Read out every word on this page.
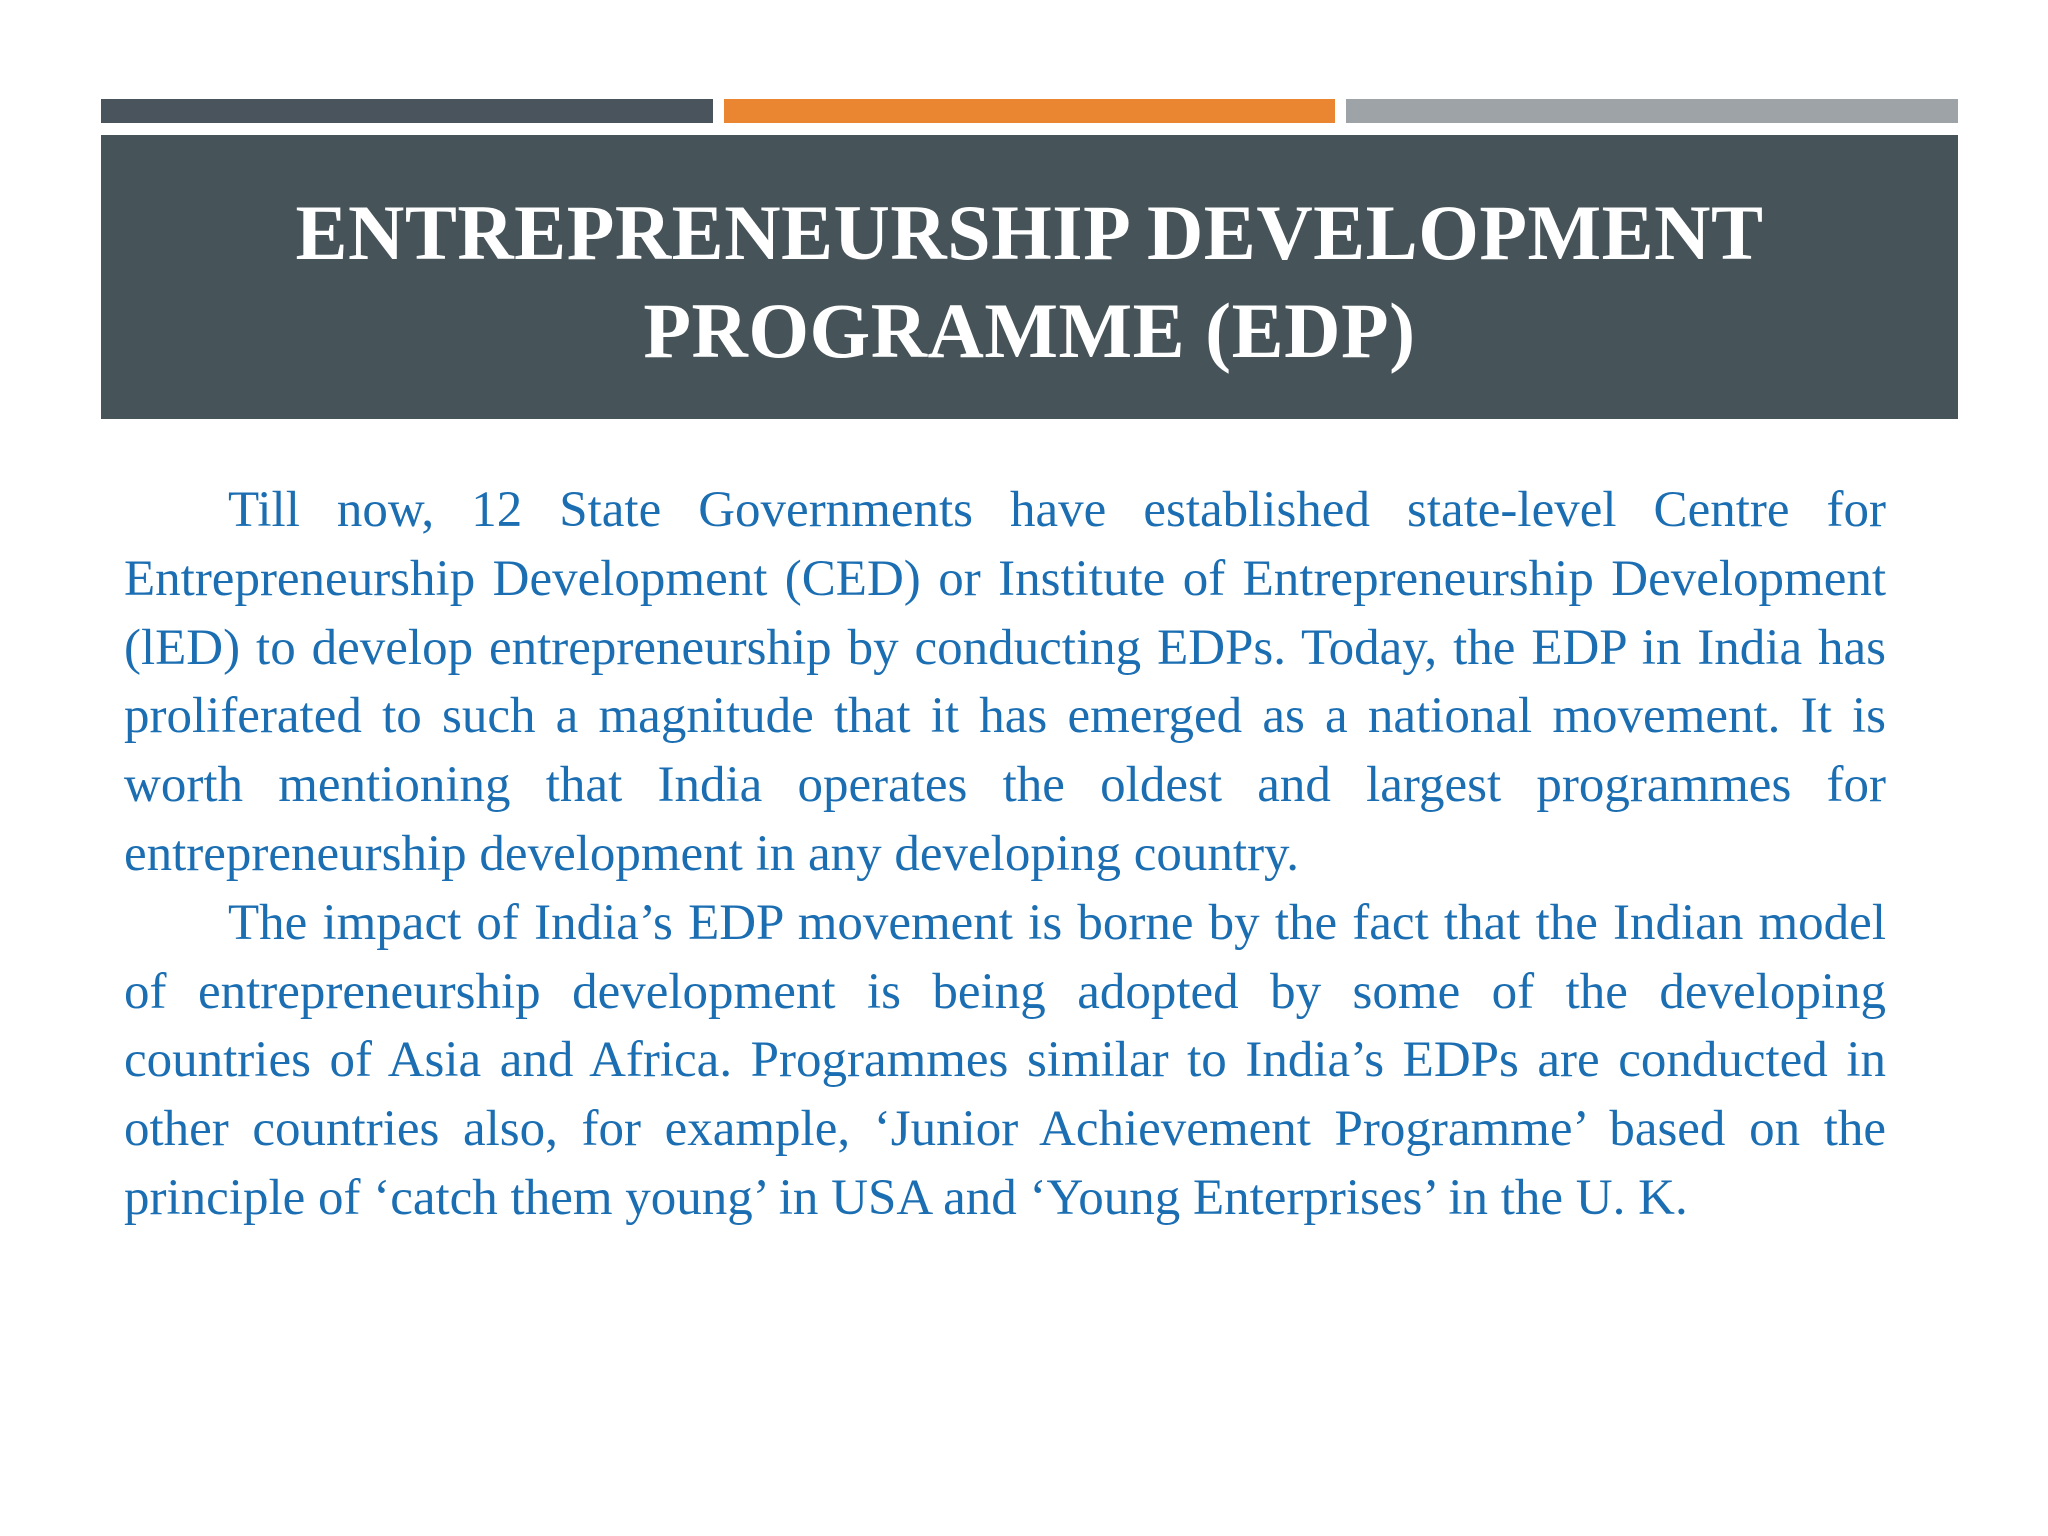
ENTREPRENEURSHIP DEVELOPMENT
PROGRAMME (EDP)

Till now, 12 State Governments have established state-level Centre for Entrepreneurship Development (CED) or Institute of Entrepreneurship Development (lED) to develop entrepreneurship by conducting EDPs. Today, the EDP in India has proliferated to such a magnitude that it has emerged as a national movement. It is worth mentioning that India operates the oldest and largest programmes for entrepreneurship development in any developing country.

The impact of India’s EDP movement is borne by the fact that the Indian model of entrepreneurship development is being adopted by some of the developing countries of Asia and Africa. Programmes similar to India’s EDPs are conducted in other countries also, for example, ‘Junior Achievement Programme’ based on the principle of ‘catch them young’ in USA and ‘Young Enterprises’ in the U. K.
